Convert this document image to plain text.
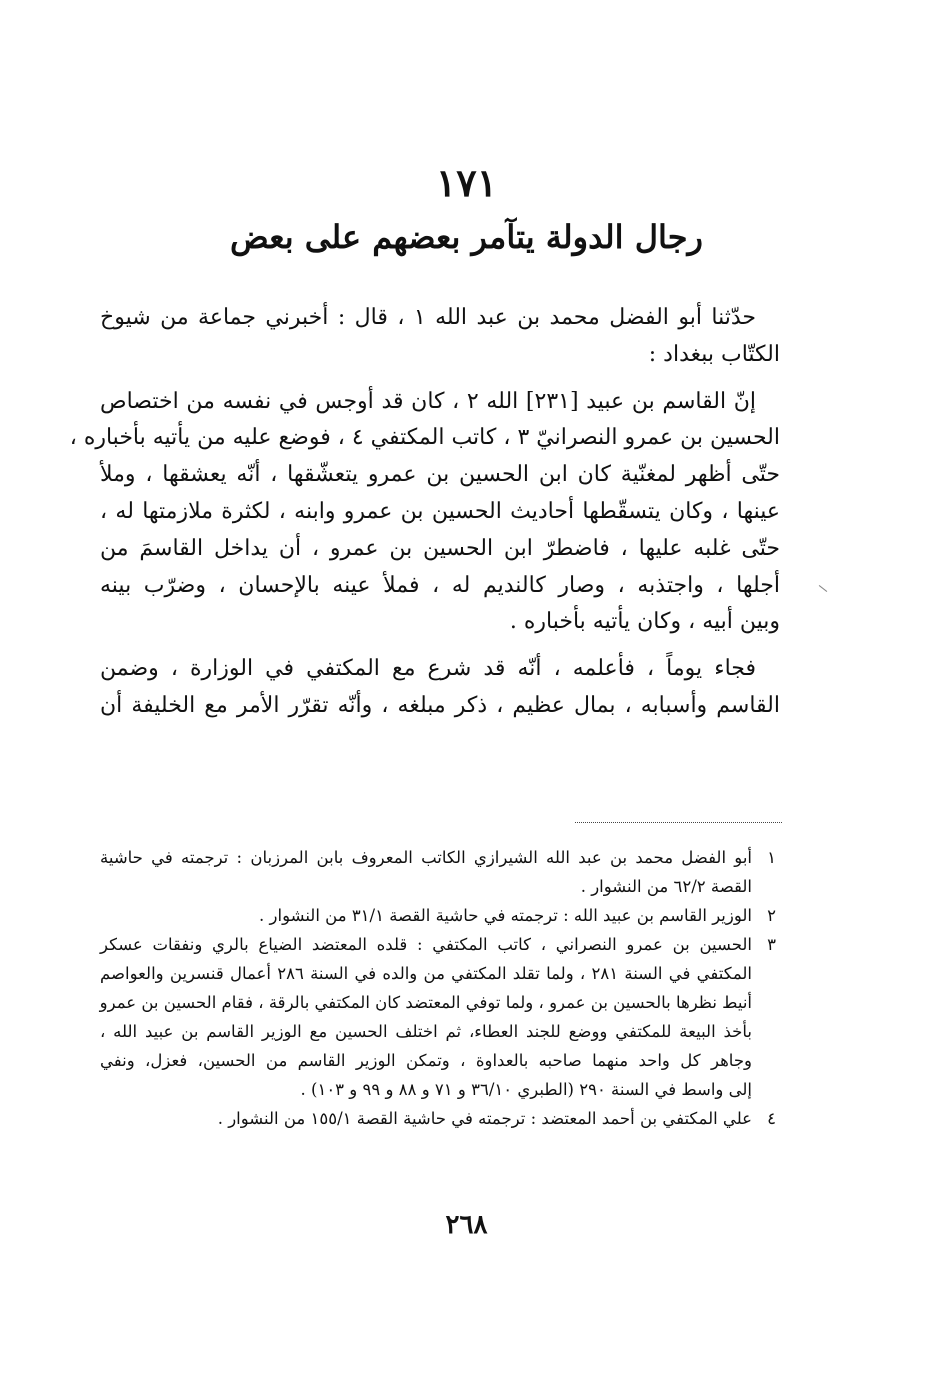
١٧١
رجال الدولة يتآمر بعضهم على بعض

حدّثنا أبو الفضل محمد بن عبد الله ١ ، قال : أخبرني جماعة من شيوخ
الكتّاب ببغداد :

إنّ القاسم بن عبيد [٢٣١] الله ٢ ، كان قد أوجس في نفسه من اختصاص
الحسين بن عمرو النصرانيّ ٣ ، كاتب المكتفي ٤ ، فوضع عليه من يأتيه بأخباره ،
حتّى أظهر لمغنّية كان ابن الحسين بن عمرو يتعشّقها ، أنّه يعشقها ، وملأ
عينها ، وكان يتسقّطها أحاديث الحسين بن عمرو وابنه ، لكثرة ملازمتها له ،
حتّى غلبه عليها ، فاضطرّ ابن الحسين بن عمرو ، أن يداخل القاسمَ من
أجلها ، واجتذبه ، وصار كالنديم له ، فملأ عينه بالإحسان ، وضرّب بينه
وبين أبيه ، وكان يأتيه بأخباره .

فجاء يوماً ، فأعلمه ، أنّه قد شرع مع المكتفي في الوزارة ، وضمن
القاسم وأسبابه ، بمال عظيم ، ذكر مبلغه ، وأنّه تقرّر الأمر مع الخليفة أن

١
أبو الفضل محمد بن عبد الله الشيرازي الكاتب المعروف بابن المرزبان : ترجمته في حاشية
القصة ٦٢/٢ من النشوار .
٢
الوزير القاسم بن عبيد الله : ترجمته في حاشية القصة ٣١/١ من النشوار .
٣
الحسين بن عمرو النصراني ، كاتب المكتفي : قلده المعتضد الضياع بالري ونفقات عسكر
المكتفي في السنة ٢٨١ ، ولما تقلد المكتفي من والده في السنة ٢٨٦ أعمال قنسرين والعواصم
أنيط نظرها بالحسين بن عمرو ، ولما توفي المعتضد كان المكتفي بالرقة ، فقام الحسين بن عمرو
بأخذ البيعة للمكتفي ووضع للجند العطاء، ثم اختلف الحسين مع الوزير القاسم بن عبيد الله ،
وجاهر كل واحد منهما صاحبه بالعداوة ، وتمكن الوزير القاسم من الحسين، فعزل، ونفي
إلى واسط في السنة ٢٩٠ (الطبري ٣٦/١٠ و ٧١ و ٨٨ و ٩٩ و ١٠٣) .
٤
علي المكتفي بن أحمد المعتضد : ترجمته في حاشية القصة ١٥٥/١ من النشوار .
٢٦٨
